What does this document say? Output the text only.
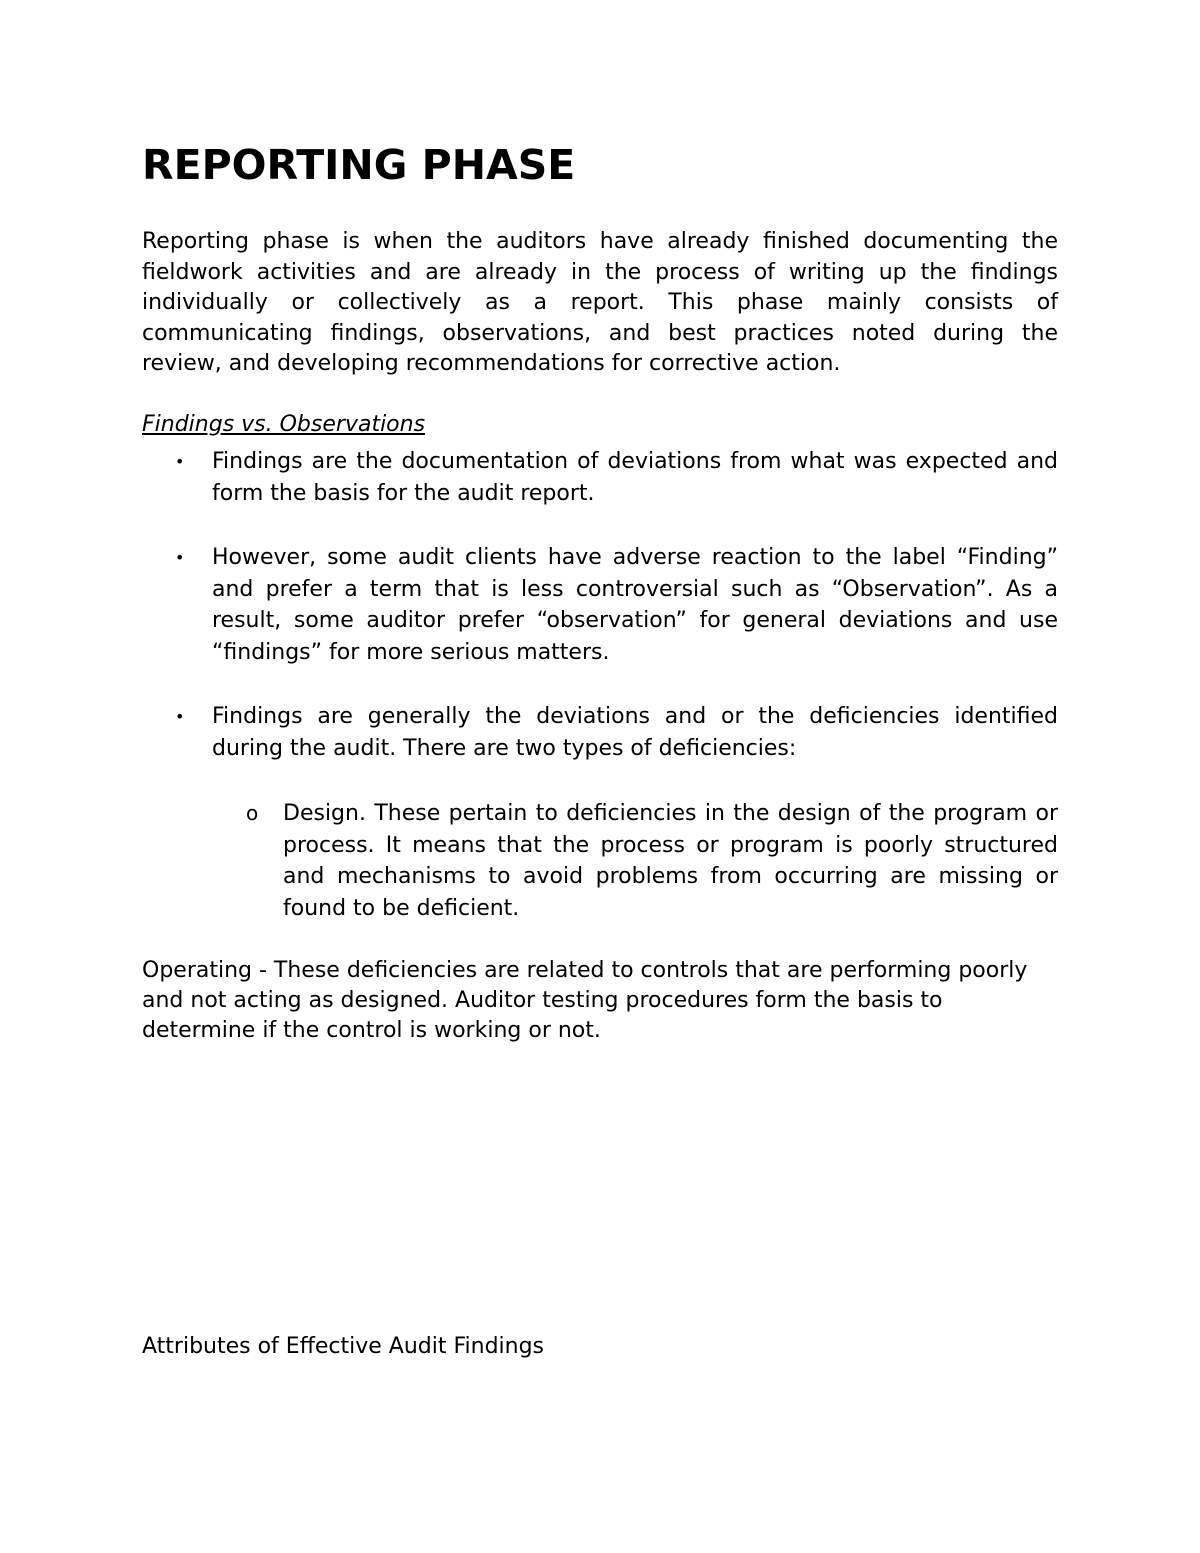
REPORTING PHASE

Reporting phase is when the auditors have already finished documenting the fieldwork activities and are already in the process of writing up the findings individually or collectively as a report. This phase mainly consists of communicating findings, observations, and best practices noted during the review, and developing recommendations for corrective action.

Findings vs. Observations

• Findings are the documentation of deviations from what was expected and form the basis for the audit report.
• However, some audit clients have adverse reaction to the label “Finding” and prefer a term that is less controversial such as “Observation”. As a result, some auditor prefer “observation” for general deviations and use “findings” for more serious matters.
• Findings are generally the deviations and or the deficiencies identified during the audit. There are two types of deficiencies:
o Design. These pertain to deficiencies in the design of the program or process. It means that the process or program is poorly structured and mechanisms to avoid problems from occurring are missing or found to be deficient.

Operating - These deficiencies are related to controls that are performing poorly and not acting as designed. Auditor testing procedures form the basis to determine if the control is working or not.

Attributes of Effective Audit Findings
